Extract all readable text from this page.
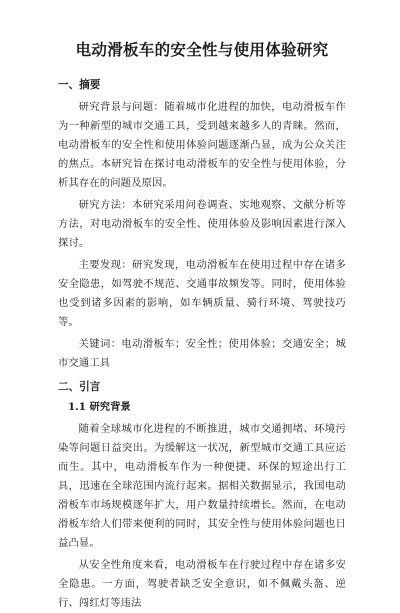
电动滑板车的安全性与使用体验研究
一、摘要

研究背景与问题：随着城市化进程的加快，电动滑板车作为一种新型的城市交通工具，受到越来越多人的青睐。然而，电动滑板车的安全性和使用体验问题逐渐凸显，成为公众关注的焦点。本研究旨在探讨电动滑板车的安全性与使用体验，分析其存在的问题及原因。

研究方法：本研究采用问卷调查、实地观察、文献分析等方法，对电动滑板车的安全性、使用体验及影响因素进行深入探讨。

主要发现：研究发现，电动滑板车在使用过程中存在诸多安全隐患，如驾驶不规范、交通事故频发等。同时，使用体验也受到诸多因素的影响，如车辆质量、骑行环境、驾驶技巧等。

关键词：电动滑板车；安全性；使用体验；交通安全；城市交通工具

二、引言
1.1 研究背景

随着全球城市化进程的不断推进，城市交通拥堵、环境污染等问题日益突出。为缓解这一状况，新型城市交通工具应运而生。其中，电动滑板车作为一种便捷、环保的短途出行工具，迅速在全球范围内流行起来。据相关数据显示，我国电动滑板车市场规模逐年扩大，用户数量持续增长。然而，在电动滑板车给人们带来便利的同时，其安全性与使用体验问题也日益凸显。

从安全性角度来看，电动滑板车在行驶过程中存在诸多安全隐患。一方面，驾驶者缺乏安全意识，如不佩戴头盔、逆行、闯红灯等违法
